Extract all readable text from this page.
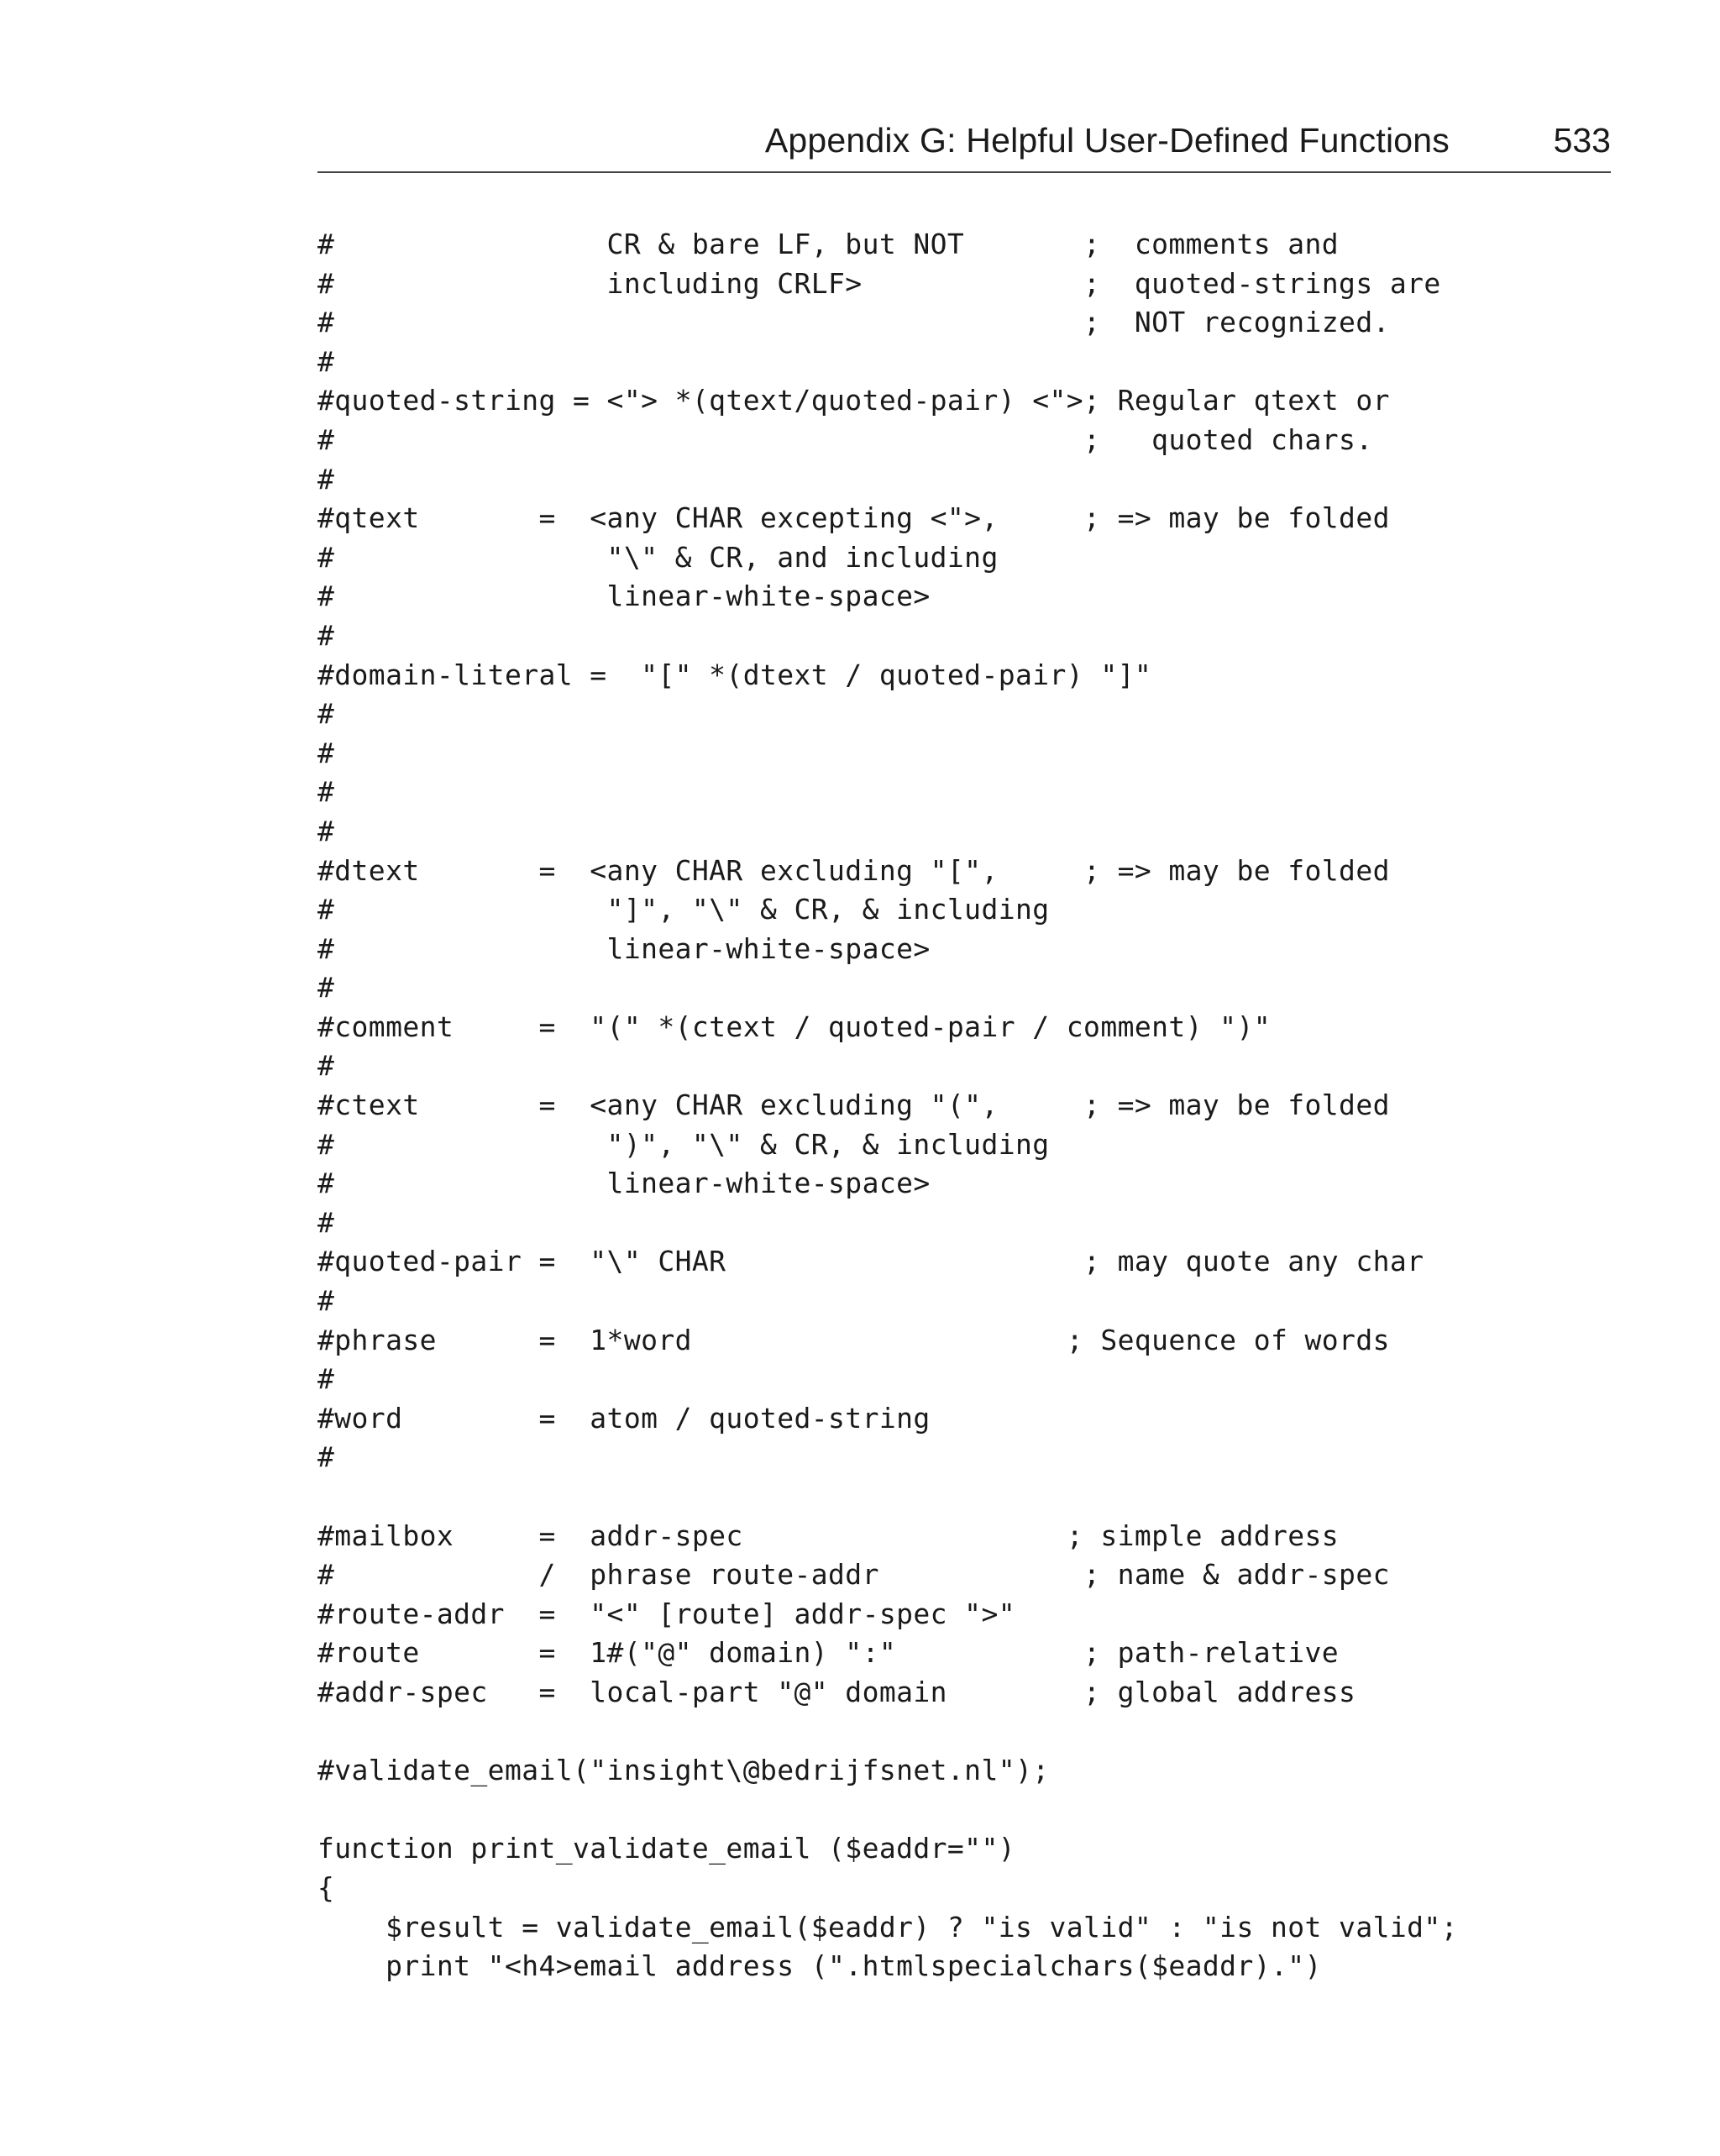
Appendix G: Helpful User-Defined Functions	533
#                CR & bare LF, but NOT       ;  comments and
#                including CRLF>             ;  quoted-strings are
#                                            ;  NOT recognized.
#
#quoted-string = <"> *(qtext/quoted-pair) <">; Regular qtext or
#                                            ;   quoted chars.
#
#qtext       =  <any CHAR excepting <">,     ; => may be folded
#                "\" & CR, and including
#                linear-white-space>
#
#domain-literal =  "[" *(dtext / quoted-pair) "]"
#
#
#
#
#dtext       =  <any CHAR excluding "[",     ; => may be folded
#                "]", "\" & CR, & including
#                linear-white-space>
#
#comment     =  "(" *(ctext / quoted-pair / comment) ")"
#
#ctext       =  <any CHAR excluding "(",     ; => may be folded
#                ")", "\" & CR, & including
#                linear-white-space>
#
#quoted-pair =  "\" CHAR                     ; may quote any char
#
#phrase      =  1*word                      ; Sequence of words
#
#word        =  atom / quoted-string
#

#mailbox     =  addr-spec                   ; simple address
#            /  phrase route-addr            ; name & addr-spec
#route-addr  =  "<" [route] addr-spec ">"
#route       =  1#("@" domain) ":"           ; path-relative
#addr-spec   =  local-part "@" domain        ; global address

#validate_email("insight\@bedrijfsnet.nl");

function print_validate_email ($eaddr="")
{
$result = validate_email($eaddr) ? "is valid" : "is not valid";
print "<h4>email address (".htmlspecialchars($eaddr).")
